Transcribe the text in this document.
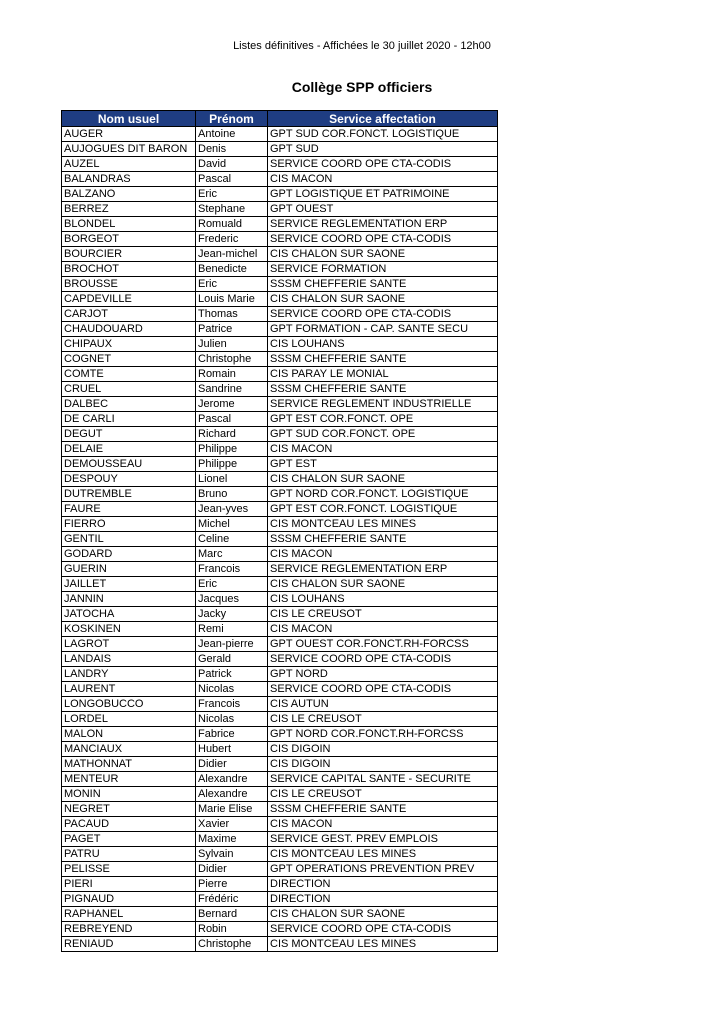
Listes définitives - Affichées le 30 juillet 2020 - 12h00
Collège SPP officiers
Nom usuel	Prénom	Service affectation
AUGER	Antoine	GPT SUD COR.FONCT. LOGISTIQUE
AUJOGUES DIT BARON	Denis	GPT SUD
AUZEL	David	SERVICE COORD OPE CTA-CODIS
BALANDRAS	Pascal	CIS MACON
BALZANO	Eric	GPT LOGISTIQUE ET PATRIMOINE
BERREZ	Stephane	GPT OUEST
BLONDEL	Romuald	SERVICE REGLEMENTATION ERP
BORGEOT	Frederic	SERVICE COORD OPE CTA-CODIS
BOURCIER	Jean-michel	CIS CHALON SUR SAONE
BROCHOT	Benedicte	SERVICE FORMATION
BROUSSE	Eric	SSSM CHEFFERIE SANTE
CAPDEVILLE	Louis Marie	CIS CHALON SUR SAONE
CARJOT	Thomas	SERVICE COORD OPE CTA-CODIS
CHAUDOUARD	Patrice	GPT FORMATION - CAP. SANTE SECU
CHIPAUX	Julien	CIS LOUHANS
COGNET	Christophe	SSSM CHEFFERIE SANTE
COMTE	Romain	CIS PARAY LE MONIAL
CRUEL	Sandrine	SSSM CHEFFERIE SANTE
DALBEC	Jerome	SERVICE REGLEMENT INDUSTRIELLE
DE CARLI	Pascal	GPT EST COR.FONCT. OPE
DEGUT	Richard	GPT SUD COR.FONCT. OPE
DELAIE	Philippe	CIS MACON
DEMOUSSEAU	Philippe	GPT EST
DESPOUY	Lionel	CIS CHALON SUR SAONE
DUTREMBLE	Bruno	GPT NORD COR.FONCT. LOGISTIQUE
FAURE	Jean-yves	GPT EST COR.FONCT. LOGISTIQUE
FIERRO	Michel	CIS MONTCEAU LES MINES
GENTIL	Celine	SSSM CHEFFERIE SANTE
GODARD	Marc	CIS MACON
GUERIN	Francois	SERVICE REGLEMENTATION ERP
JAILLET	Eric	CIS CHALON SUR SAONE
JANNIN	Jacques	CIS LOUHANS
JATOCHA	Jacky	CIS LE CREUSOT
KOSKINEN	Remi	CIS MACON
LAGROT	Jean-pierre	GPT OUEST COR.FONCT.RH-FORCSS
LANDAIS	Gerald	SERVICE COORD OPE CTA-CODIS
LANDRY	Patrick	GPT NORD
LAURENT	Nicolas	SERVICE COORD OPE CTA-CODIS
LONGOBUCCO	Francois	CIS AUTUN
LORDEL	Nicolas	CIS LE CREUSOT
MALON	Fabrice	GPT NORD COR.FONCT.RH-FORCSS
MANCIAUX	Hubert	CIS DIGOIN
MATHONNAT	Didier	CIS DIGOIN
MENTEUR	Alexandre	SERVICE CAPITAL SANTE - SECURITE
MONIN	Alexandre	CIS LE CREUSOT
NEGRET	Marie Elise	SSSM CHEFFERIE SANTE
PACAUD	Xavier	CIS MACON
PAGET	Maxime	SERVICE GEST. PREV EMPLOIS
PATRU	Sylvain	CIS MONTCEAU LES MINES
PELISSE	Didier	GPT OPERATIONS PREVENTION PREV
PIERI	Pierre	DIRECTION
PIGNAUD	Frédéric	DIRECTION
RAPHANEL	Bernard	CIS CHALON SUR SAONE
REBREYEND	Robin	SERVICE COORD OPE CTA-CODIS
RENIAUD	Christophe	CIS MONTCEAU LES MINES
